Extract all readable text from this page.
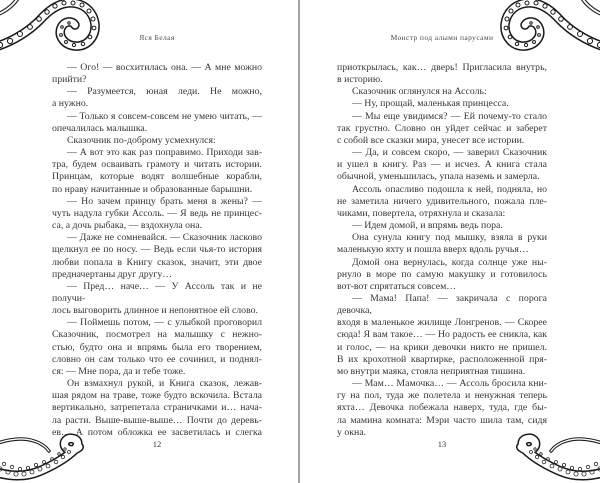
Яся Белая
— Ого! — восхитилась она. — А мне можно
прийти?
— Разумеется, юная леди. Не можно,
а нужно.
— Только я совсем-совсем не умею читать, —
опечалилась малышка.
Сказочник по-доброму усмехнулся:
— А вот это как раз поправимо. Приходи зав-
тра, будем осваивать грамоту и читать истории.
Принцам, которые водят волшебные корабли,
по нраву начитанные и образованные барышни.
— Но зачем принцу брать меня в жены? —
чуть надула губки Ассоль. — Я ведь не принцес-
са, а дочь рыбака, — вздохнула она.
— Даже не сомневайся. — Сказочник ласково
щелкнул ее по носу. — Ведь если чья-то история
любви попала в Книгу сказок, значит, эти двое
предначертаны друг другу…
— Пред… наче… — У Ассоль так и не получи-
лось выговорить длинное и непонятное ей слово.
— Поймешь потом, — с улыбкой проговорил
Сказочник, посмотрел на малышку с нежно-
стью, будто она и впрямь была его творением,
словно он сам только что ее сочинил, и поднял-
ся: — Мне пора, да и тебе тоже.
Он взмахнул рукой, и Книга сказок, лежав-
шая рядом на траве, тоже будто вскочила. Встала
вертикально, затрепетала страничками и… нача-
ла расти. Выше-выше-выше… Почти до деревь-
ев… А потом обложка ее засветилась и слегка
12
Монстр под алыми парусами
приоткрылась, как… дверь! Пригласила внутрь,
в историю.
Сказочник оглянулся на Ассоль:
— Ну, прощай, маленькая принцесса.
— Мы еще увидимся? — Ей почему-то стало
так грустно. Словно он уйдет сейчас и заберет
с собой все сказки мира, унесет все истории.
— Да, и совсем скоро, — заверил Сказочник
и ушел в книгу. Раз — и исчез. А книга стала
обычной, уменьшилась, упала наземь и замерла.
Ассоль опасливо подошла к ней, подняла, но
не заметила ничего удивительного, пожала пле-
чиками, повертела, отряхнула и сказала:
— Идем домой, и впрямь ведь пора.
Она сунула книгу под мышку, взяла в руки
маленькую яхту и пошла вверх вдоль ручья…
Домой она вернулась, когда солнце уже ны-
рнуло в море по самую макушку и готовилось
вот-вот спрятаться совсем…
— Мама! Папа! — закричала с порога девочка,
входя в маленькое жилище Лонгренов. — Скорее
сюда! Я вам такое… — Но радость ее сникла, как
и голос, — на крики девочки никто не пришел.
В их крохотной квартирке, расположенной пря-
мо внутри маяка, стояла неприятная тишина.
— Мам… Мамочка… — Ассоль бросила кни-
гу на пол, туда же полетела и ненужная теперь
яхта… Девочка побежала наверх, туда, где бы-
ла мамина комната: Мэри часто шила там, сидя
у окна.
13
